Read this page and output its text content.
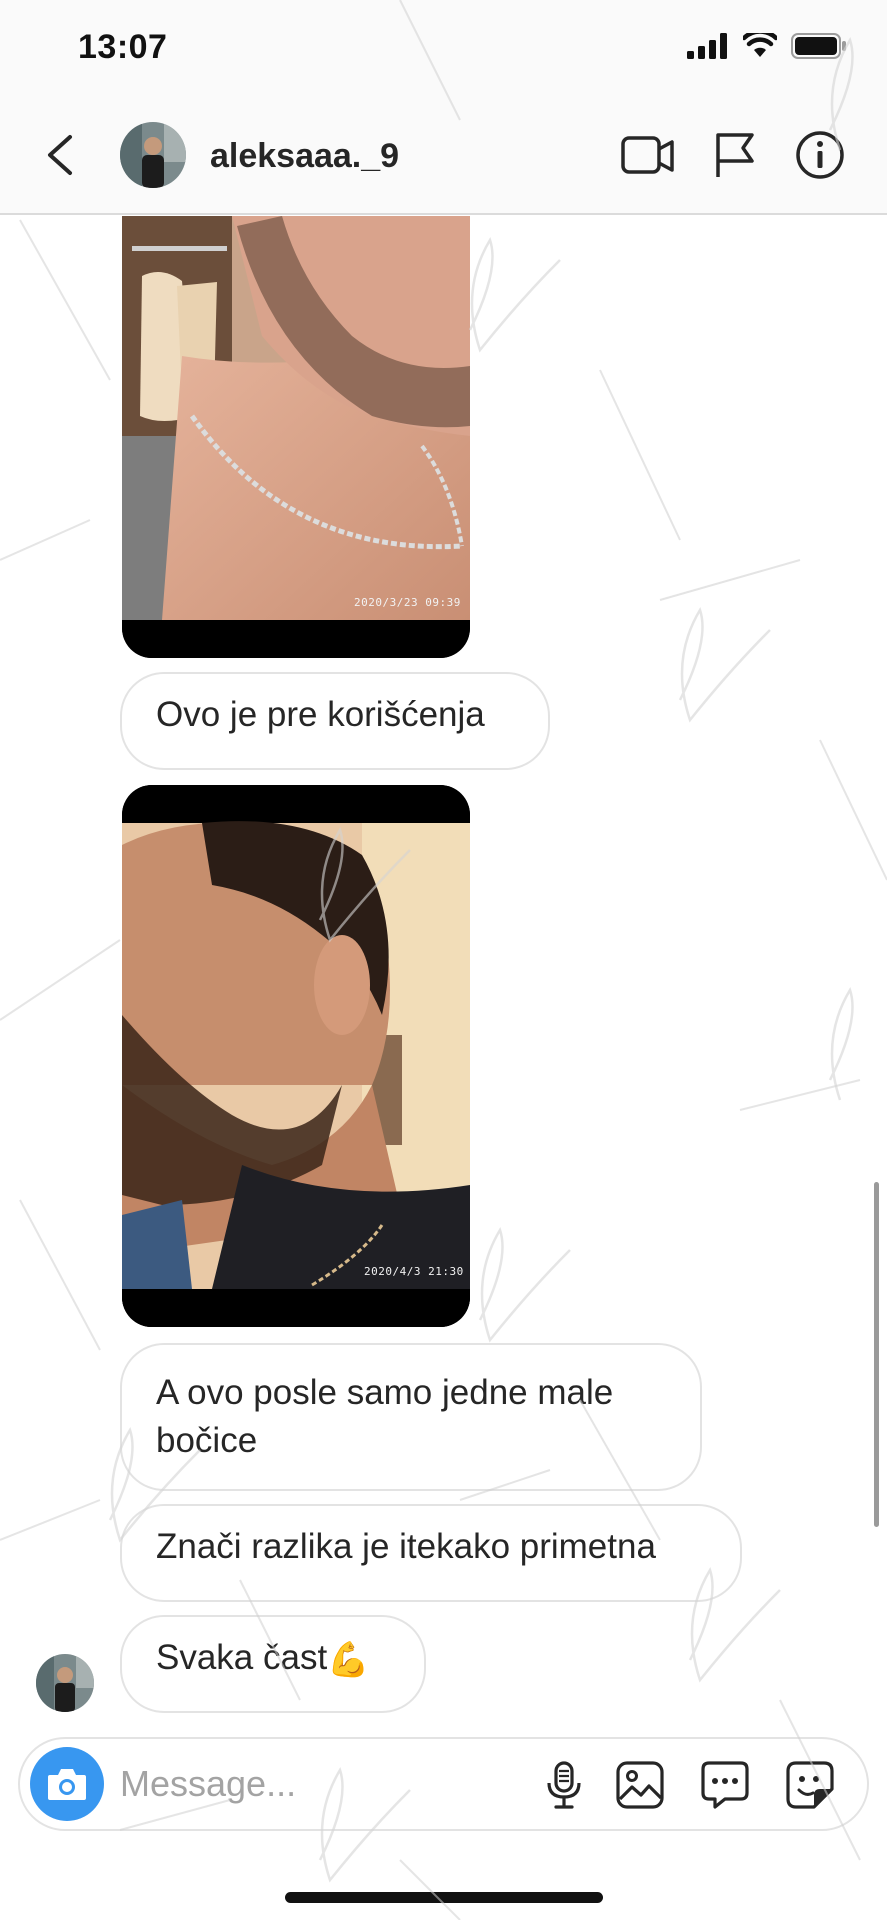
13:07
aleksaaa._9
2020/3/23 09:39
Ovo je pre korišćenja
2020/4/3 21:30
A ovo posle samo jedne male bočice
Znači razlika je itekako primetna
Svaka čast💪
Message...
